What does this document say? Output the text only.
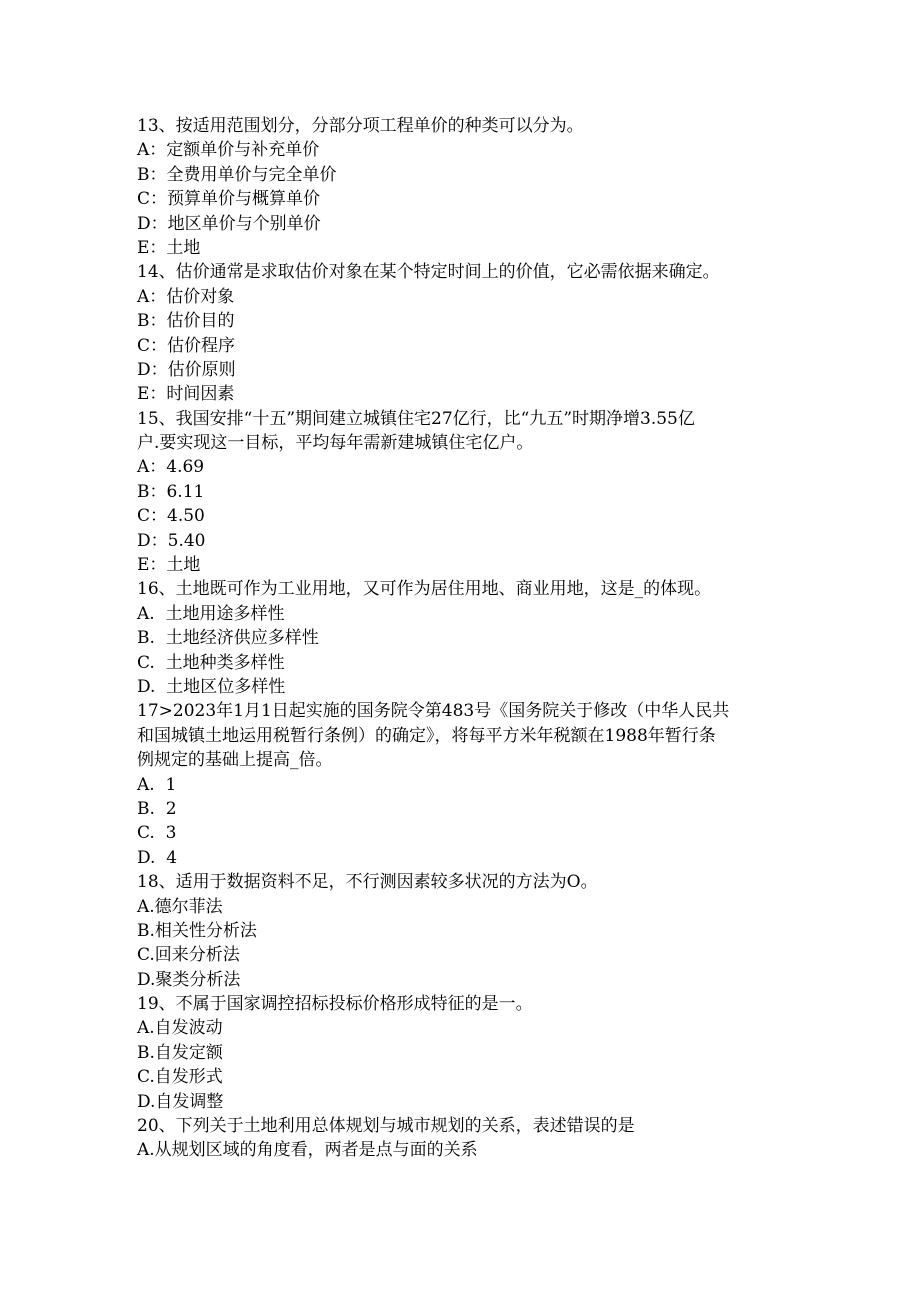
13、按适用范围划分，分部分项工程单价的种类可以分为。
A：定额单价与补充单价
B：全费用单价与完全单价
C：预算单价与概算单价
D：地区单价与个别单价
E：土地
14、估价通常是求取估价对象在某个特定时间上的价值，它必需依据来确定。
A：估价对象
B：估价目的
C：估价程序
D：估价原则
E：时间因素
15、我国安排“十五”期间建立城镇住宅27亿行，比“九五”时期净增3.55亿
户.要实现这一目标，平均每年需新建城镇住宅亿户。
A：4.69
B：6.11
C：4.50
D：5.40
E：土地
16、土地既可作为工业用地，又可作为居住用地、商业用地，这是_的体现。
A.  土地用途多样性
B.  土地经济供应多样性
C.  土地种类多样性
D.  土地区位多样性
17>2023年1月1日起实施的国务院令第483号《国务院关于修改（中华人民共
和国城镇土地运用税暂行条例）的确定》，将每平方米年税额在1988年暂行条
例规定的基础上提高_倍。
A.  1
B.  2
C.  3
D.  4
18、适用于数据资料不足，不行测因素较多状况的方法为O。
A.德尔菲法
B.相关性分析法
C.回来分析法
D.聚类分析法
19、不属于国家调控招标投标价格形成特征的是一。
A.自发波动
B.自发定额
C.自发形式
D.自发调整
20、下列关于土地利用总体规划与城市规划的关系，表述错误的是
A.从规划区域的角度看，两者是点与面的关系
